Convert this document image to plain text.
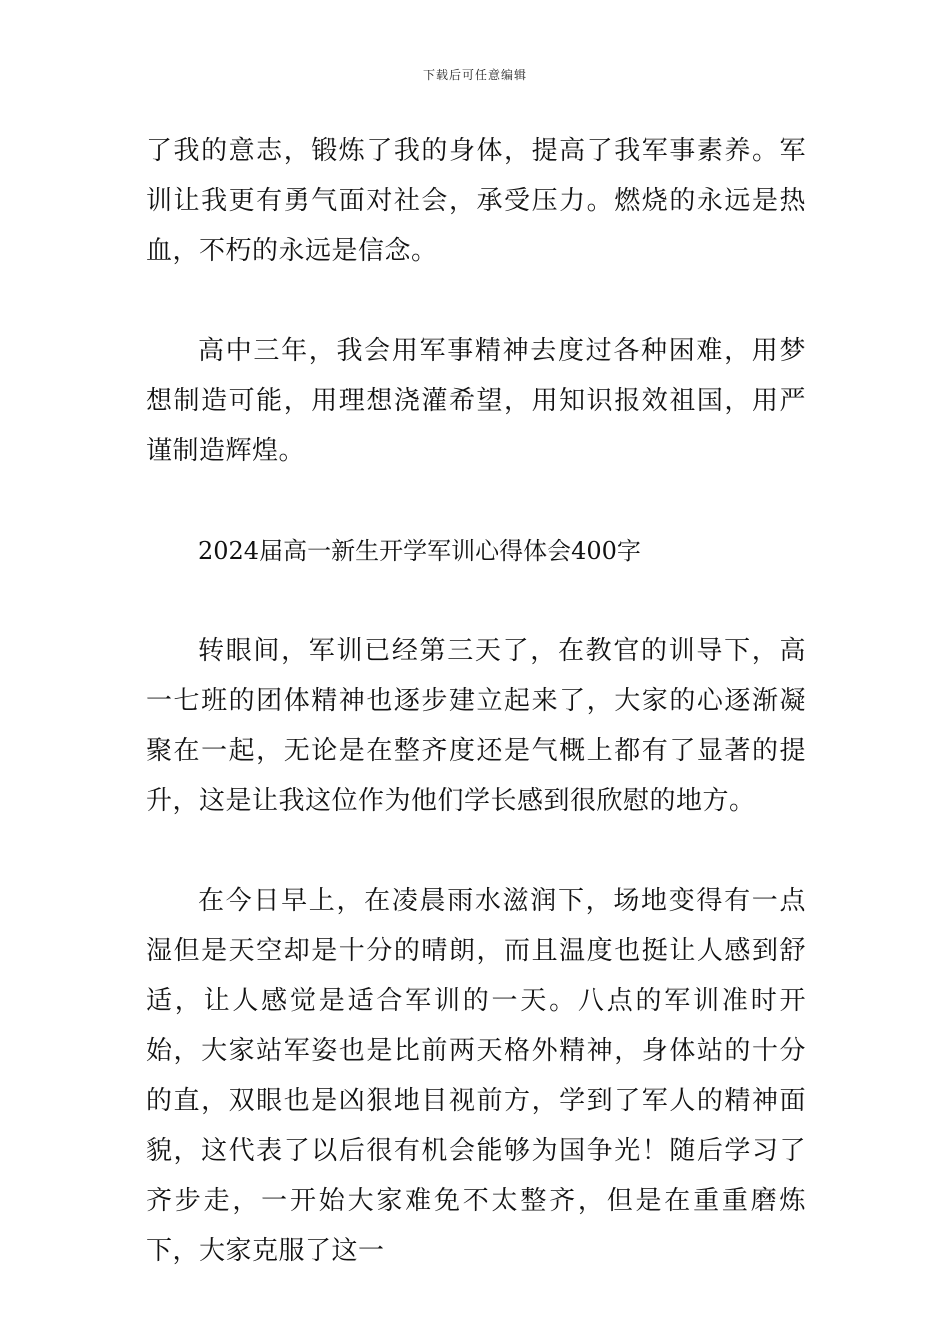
下载后可任意编辑

了我的意志，锻炼了我的身体，提高了我军事素养。军训让我更有勇气面对社会，承受压力。燃烧的永远是热血，不朽的永远是信念。

高中三年，我会用军事精神去度过各种困难，用梦想制造可能，用理想浇灌希望，用知识报效祖国，用严谨制造辉煌。

2024届高一新生开学军训心得体会400字

转眼间，军训已经第三天了，在教官的训导下，高一七班的团体精神也逐步建立起来了，大家的心逐渐凝聚在一起，无论是在整齐度还是气概上都有了显著的提升，这是让我这位作为他们学长感到很欣慰的地方。

在今日早上，在凌晨雨水滋润下，场地变得有一点湿但是天空却是十分的晴朗，而且温度也挺让人感到舒适，让人感觉是适合军训的一天。八点的军训准时开始，大家站军姿也是比前两天格外精神，身体站的十分的直，双眼也是凶狠地目视前方，学到了军人的精神面貌，这代表了以后很有机会能够为国争光！随后学习了齐步走，一开始大家难免不太整齐，但是在重重磨炼下，大家克服了这一
